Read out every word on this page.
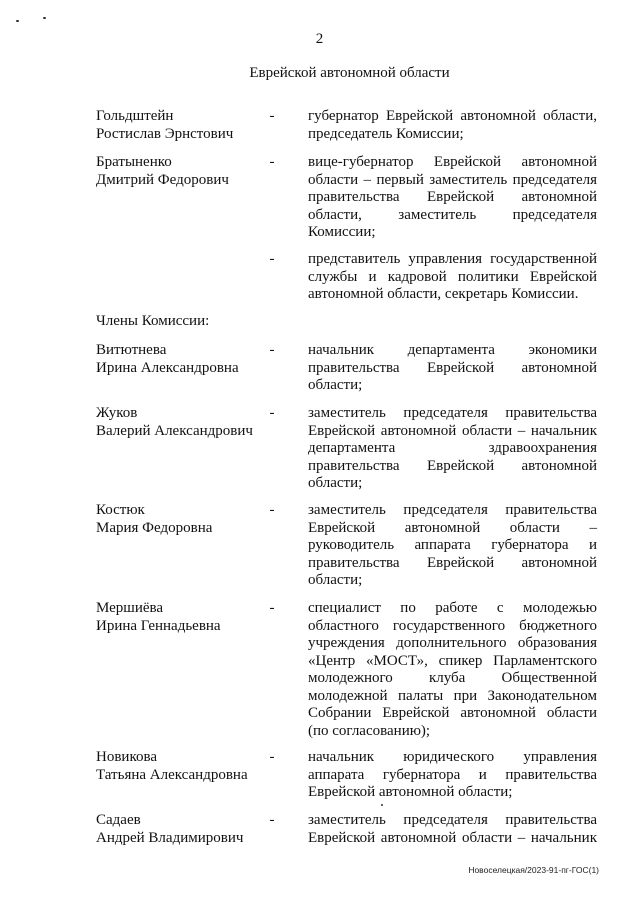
2
Еврейской автономной области
Гольдштейн
Ростислав Эрнстович
- губернатор Еврейской автономной области,
председатель Комиссии;
Братыненко
Дмитрий Федорович
- вице-губернатор Еврейской автономной
области – первый заместитель председателя
правительства Еврейской автономной
области, заместитель председателя
Комиссии;
- представитель управления государственной
службы и кадровой политики Еврейской
автономной области, секретарь Комиссии.
Члены Комиссии:
Витютнева
Ирина Александровна
- начальник департамента экономики
правительства Еврейской автономной
области;
Жуков
Валерий Александрович
- заместитель председателя правительства
Еврейской автономной области – начальник
департамента здравоохранения
правительства Еврейской автономной
области;
Костюк
Мария Федоровна
- заместитель председателя правительства
Еврейской автономной области –
руководитель аппарата губернатора и
правительства Еврейской автономной
области;
Мершиёва
Ирина Геннадьевна
- специалист по работе с молодежью
областного государственного бюджетного
учреждения дополнительного образования
«Центр «МОСТ», спикер Парламентского
молодежного клуба Общественной
молодежной палаты при Законодательном
Собрании Еврейской автономной области
(по согласованию);
Новикова
Татьяна Александровна
- начальник юридического управления
аппарата губернатора и правительства
Еврейской автономной области;
Садаев
Андрей Владимирович
- заместитель председателя правительства
Еврейской автономной области – начальник
Новоселецкая/2023-91-пг-ГОС(1)
